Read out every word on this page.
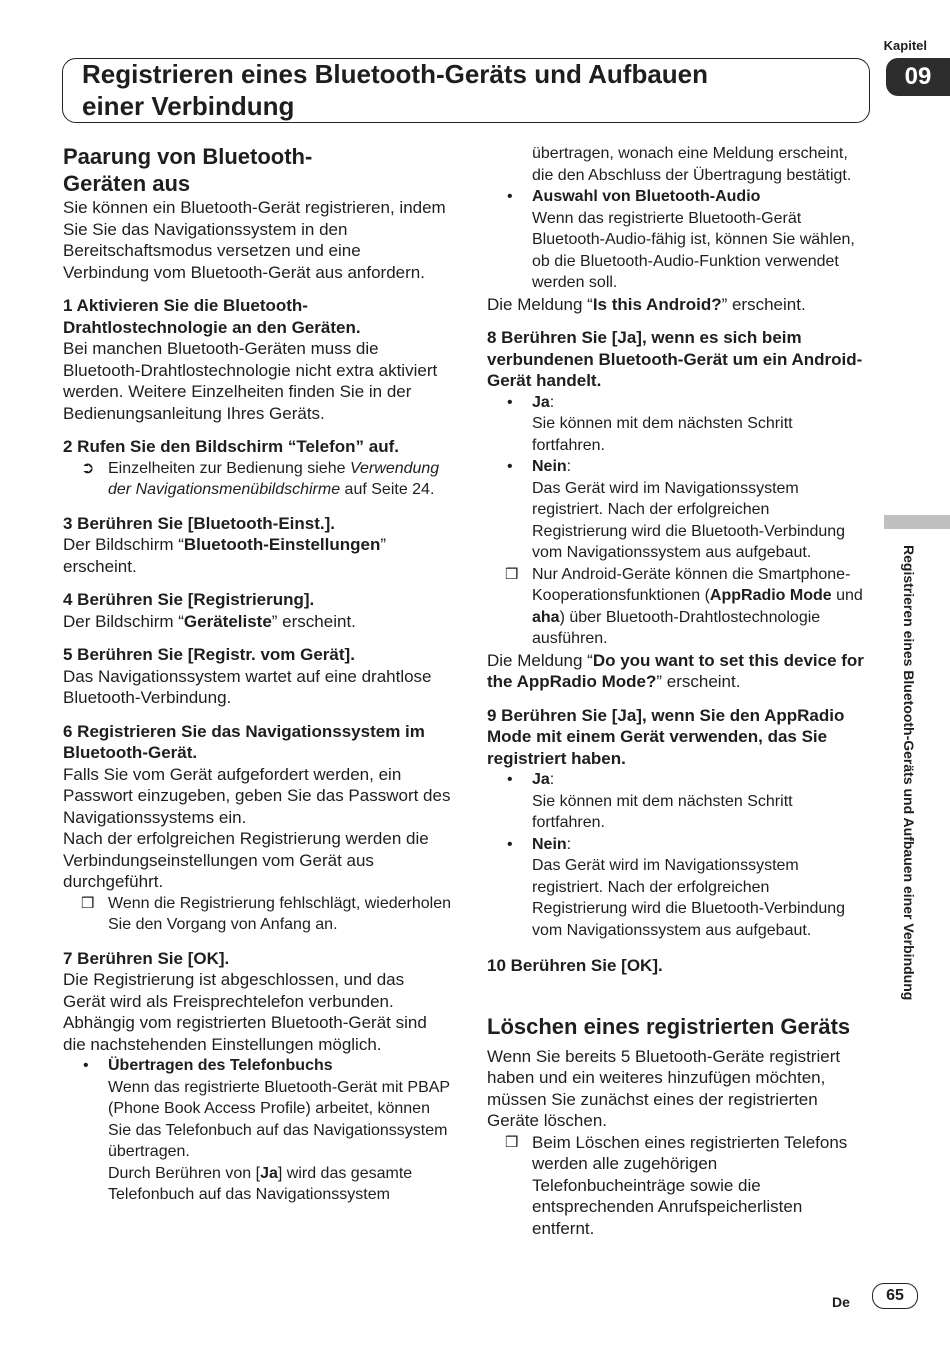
Registrieren eines Bluetooth-Geräts und Aufbauen
einer Verbindung
Kapitel
09
Registrieren eines Bluetooth-Geräts und Aufbauen einer Verbindung

Paarung von Bluetooth-
Geräten aus

Sie können ein Bluetooth-Gerät registrieren, indem Sie Sie das Navigationssystem in den Bereitschaftsmodus versetzen und eine Verbindung vom Bluetooth-Gerät aus anfordern.

1 Aktivieren Sie die Bluetooth-Drahtlostechnologie an den Geräten.

Bei manchen Bluetooth-Geräten muss die Bluetooth-Drahtlostechnologie nicht extra aktiviert werden. Weitere Einzelheiten finden Sie in der Bedienungsanleitung Ihres Geräts.

2 Rufen Sie den Bildschirm “Telefon” auf.

➲ Einzelheiten zur Bedienung siehe Verwendung der Navigationsmenübildschirme auf Seite 24.

3 Berühren Sie [Bluetooth-Einst.].

Der Bildschirm “Bluetooth-Einstellungen” erscheint.

4 Berühren Sie [Registrierung].

Der Bildschirm “Geräteliste” erscheint.

5 Berühren Sie [Registr. vom Gerät].

Das Navigationssystem wartet auf eine drahtlose Bluetooth-Verbindung.

6 Registrieren Sie das Navigationssystem im Bluetooth-Gerät.

Falls Sie vom Gerät aufgefordert werden, ein Passwort einzugeben, geben Sie das Passwort des Navigationssystems ein.

Nach der erfolgreichen Registrierung werden die Verbindungseinstellungen vom Gerät aus durchgeführt.

❒ Wenn die Registrierung fehlschlägt, wiederholen Sie den Vorgang von Anfang an.

7 Berühren Sie [OK].

Die Registrierung ist abgeschlossen, und das Gerät wird als Freisprechtelefon verbunden. Abhängig vom registrierten Bluetooth-Gerät sind die nachstehenden Einstellungen möglich.

• Übertragen des Telefonbuchs

Wenn das registrierte Bluetooth-Gerät mit PBAP (Phone Book Access Profile) arbeitet, können Sie das Telefonbuch auf das Navigationssystem übertragen.

Durch Berühren von [Ja] wird das gesamte Telefonbuch auf das Navigationssystem

übertragen, wonach eine Meldung erscheint, die den Abschluss der Übertragung bestätigt.

• Auswahl von Bluetooth-Audio

Wenn das registrierte Bluetooth-Gerät Bluetooth-Audio-fähig ist, können Sie wählen, ob die Bluetooth-Audio-Funktion verwendet werden soll.

Die Meldung “Is this Android?” erscheint.

8 Berühren Sie [Ja], wenn es sich beim verbundenen Bluetooth-Gerät um ein Android-Gerät handelt.

• Ja:

Sie können mit dem nächsten Schritt fortfahren.

• Nein:

Das Gerät wird im Navigationssystem registriert. Nach der erfolgreichen Registrierung wird die Bluetooth-Verbindung vom Navigationssystem aus aufgebaut.

❒ Nur Android-Geräte können die Smartphone-Kooperationsfunktionen (AppRadio Mode und aha) über Bluetooth-Drahtlostechnologie ausführen.

Die Meldung “Do you want to set this device for the AppRadio Mode?” erscheint.

9 Berühren Sie [Ja], wenn Sie den AppRadio Mode mit einem Gerät verwenden, das Sie registriert haben.

• Ja:

Sie können mit dem nächsten Schritt fortfahren.

• Nein:

Das Gerät wird im Navigationssystem registriert. Nach der erfolgreichen Registrierung wird die Bluetooth-Verbindung vom Navigationssystem aus aufgebaut.

10 Berühren Sie [OK].

Löschen eines registrierten Geräts

Wenn Sie bereits 5 Bluetooth-Geräte registriert haben und ein weiteres hinzufügen möchten, müssen Sie zunächst eines der registrierten Geräte löschen.

❒ Beim Löschen eines registrierten Telefons werden alle zugehörigen Telefonbucheinträge sowie die entsprechenden Anrufspeicherlisten entfernt.

De	65
